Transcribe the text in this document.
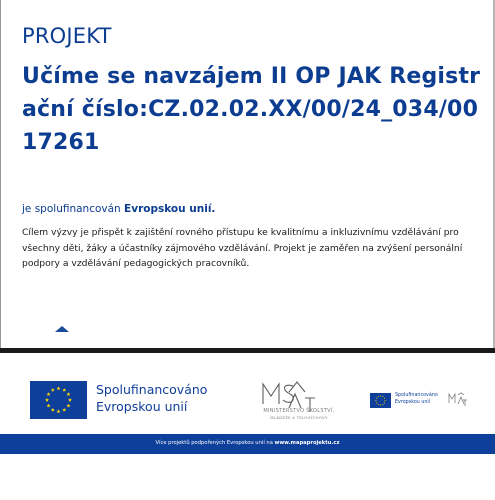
PROJEKT
Učíme se navzájem II OP JAK Registrační číslo:CZ.02.02.XX/00/24_034/0017261
je spolufinancován Evropskou unií.
Cílem výzvy je přispět k zajištění rovného přístupu ke kvalitnímu a inkluzivnímu vzdělávání pro všechny děti, žáky a účastníky zájmového vzdělávání. Projekt je zaměřen na zvýšení personální podpory a vzdělávání pedagogických pracovníků.
Spolufinancováno
Evropskou unií	MINISTERSTVO ŠKOLSTVÍ,
MLÁDEŽE A TĚLOVÝCHOVY
Spolufinancováno
Evropskou unií
Více projektů podpořených Evropskou unií na www.mapaprojektu.cz
